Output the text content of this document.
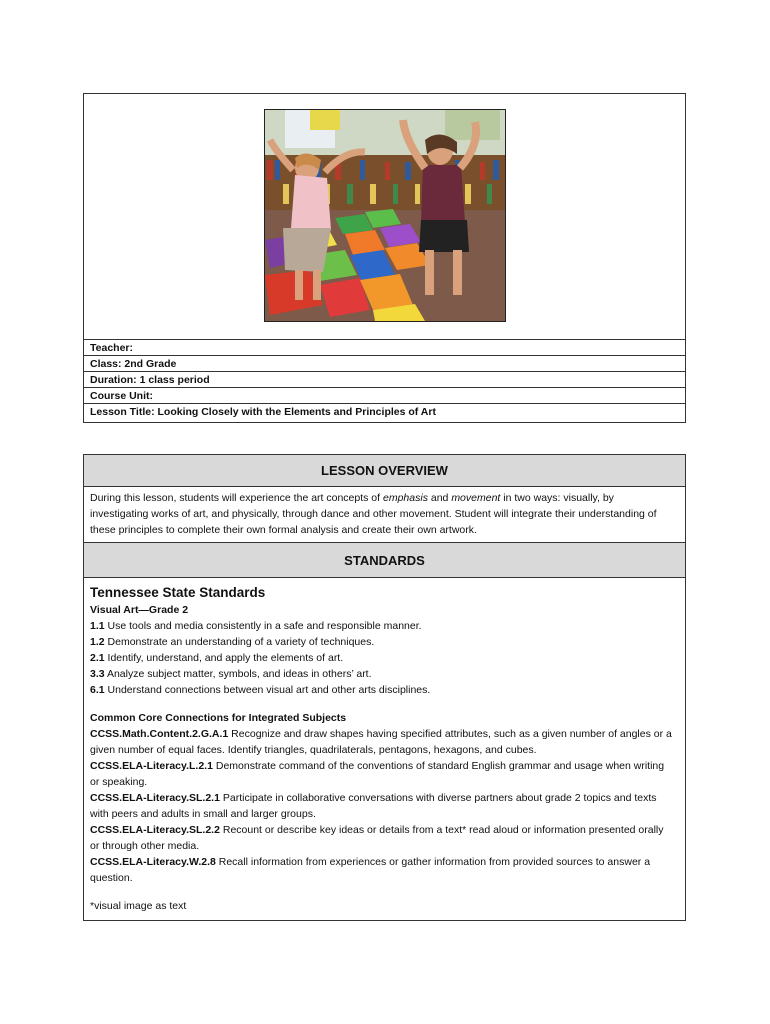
Teacher:
Class: 2nd Grade
Duration: 1 class period
Course Unit:
Lesson Title: Looking Closely with the Elements and Principles of Art
LESSON OVERVIEW
During this lesson, students will experience the art concepts of emphasis and movement in two ways: visually, by investigating works of art, and physically, through dance and other movement. Student will integrate their understanding of these principles to complete their own formal analysis and create their own artwork.
STANDARDS
Tennessee State Standards
Visual Art—Grade 2
1.1 Use tools and media consistently in a safe and responsible manner.
1.2 Demonstrate an understanding of a variety of techniques.
2.1 Identify, understand, and apply the elements of art.
3.3 Analyze subject matter, symbols, and ideas in others’ art.
6.1 Understand connections between visual art and other arts disciplines.
Common Core Connections for Integrated Subjects
CCSS.Math.Content.2.G.A.1 Recognize and draw shapes having specified attributes, such as a given number of angles or a given number of equal faces. Identify triangles, quadrilaterals, pentagons, hexagons, and cubes.
CCSS.ELA-Literacy.L.2.1 Demonstrate command of the conventions of standard English grammar and usage when writing or speaking.
CCSS.ELA-Literacy.SL.2.1 Participate in collaborative conversations with diverse partners about grade 2 topics and texts with peers and adults in small and larger groups.
CCSS.ELA-Literacy.SL.2.2 Recount or describe key ideas or details from a text* read aloud or information presented orally or through other media.
CCSS.ELA-Literacy.W.2.8 Recall information from experiences or gather information from provided sources to answer a question.
*visual image as text
